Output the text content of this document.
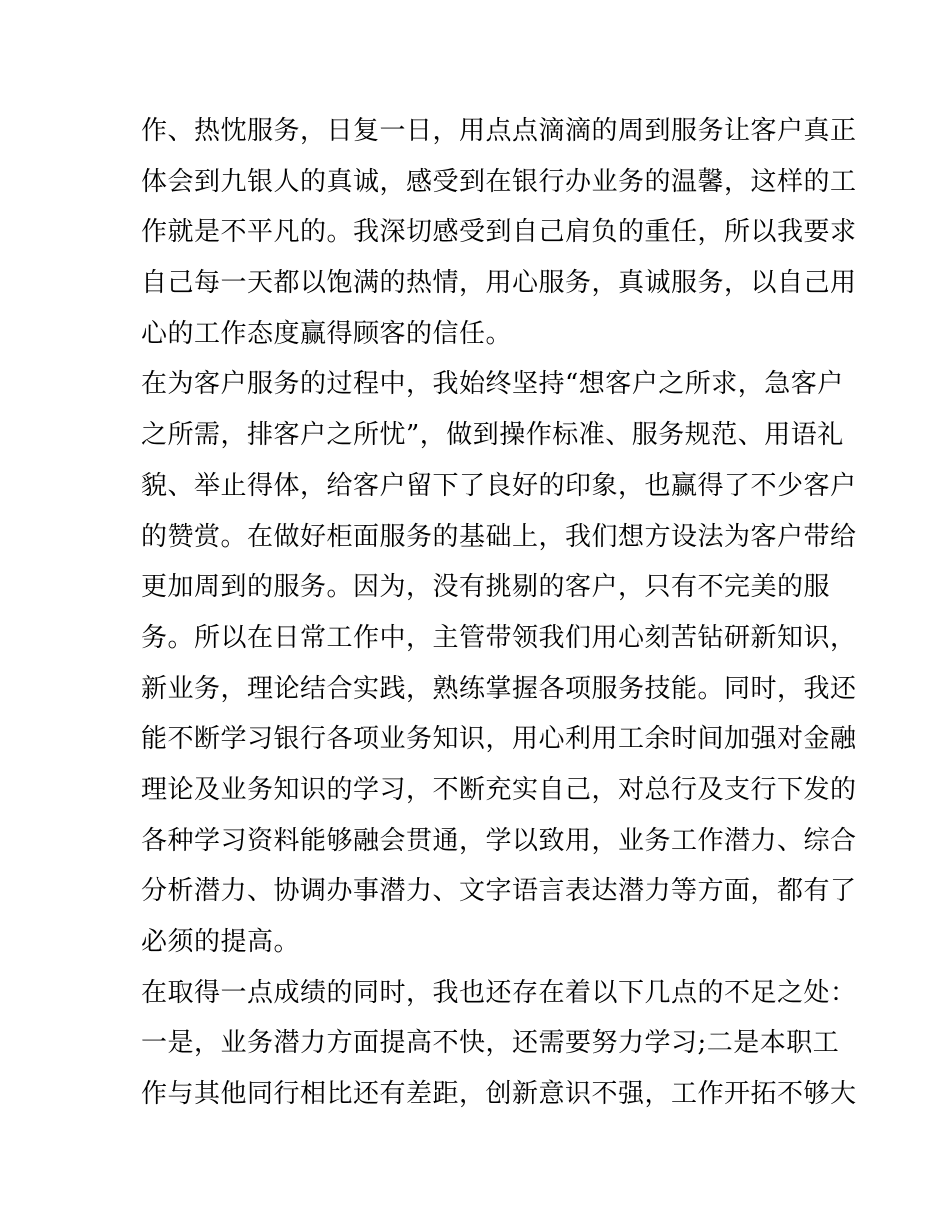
作、热忱服务，日复一日，用点点滴滴的周到服务让客户真正
体会到九银人的真诚，感受到在银行办业务的温馨，这样的工
作就是不平凡的。我深切感受到自己肩负的重任，所以我要求
自己每一天都以饱满的热情，用心服务，真诚服务，以自己用
心的工作态度赢得顾客的信任。
在为客户服务的过程中，我始终坚持“想客户之所求，急客户
之所需，排客户之所忧”，做到操作标准、服务规范、用语礼
貌、举止得体，给客户留下了良好的印象，也赢得了不少客户
的赞赏。在做好柜面服务的基础上，我们想方设法为客户带给
更加周到的服务。因为，没有挑剔的客户，只有不完美的服
务。所以在日常工作中，主管带领我们用心刻苦钻研新知识，
新业务，理论结合实践，熟练掌握各项服务技能。同时，我还
能不断学习银行各项业务知识，用心利用工余时间加强对金融
理论及业务知识的学习，不断充实自己，对总行及支行下发的
各种学习资料能够融会贯通，学以致用，业务工作潜力、综合
分析潜力、协调办事潜力、文字语言表达潜力等方面，都有了
必须的提高。
在取得一点成绩的同时，我也还存在着以下几点的不足之处：
一是，业务潜力方面提高不快，还需要努力学习;二是本职工
作与其他同行相比还有差距，创新意识不强，工作开拓不够大
